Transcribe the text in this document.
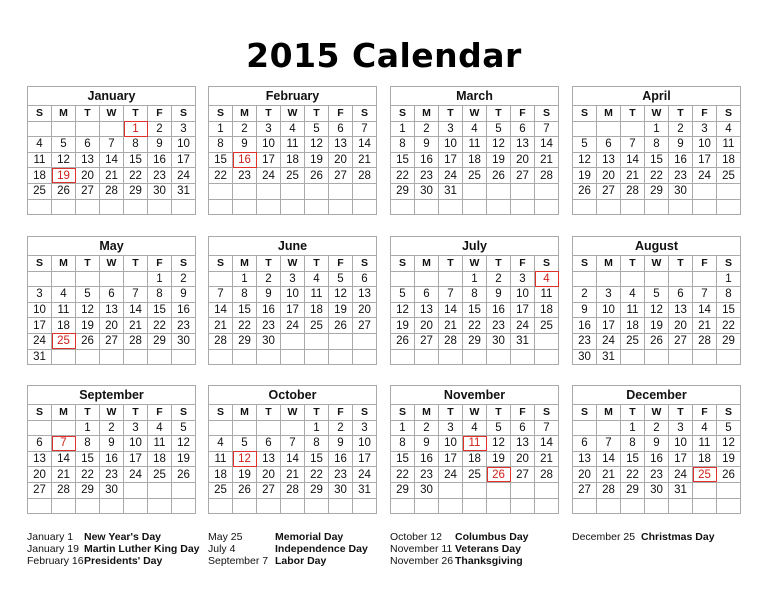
2015 Calendar
January
S	M	T	W	T	F	S
				1	2	3
4	5	6	7	8	9	10
11	12	13	14	15	16	17
18	19	20	21	22	23	24
25	26	27	28	29	30	31

February
S	M	T	W	T	F	S
1	2	3	4	5	6	7
8	9	10	11	12	13	14
15	16	17	18	19	20	21
22	23	24	25	26	27	28

March
S	M	T	W	T	F	S
1	2	3	4	5	6	7
8	9	10	11	12	13	14
15	16	17	18	19	20	21
22	23	24	25	26	27	28
29	30	31				

April
S	M	T	W	T	F	S
			1	2	3	4
5	6	7	8	9	10	11
12	13	14	15	16	17	18
19	20	21	22	23	24	25
26	27	28	29	30		

May
S	M	T	W	T	F	S
					1	2
3	4	5	6	7	8	9
10	11	12	13	14	15	16
17	18	19	20	21	22	23
24	25	26	27	28	29	30
31						
June
S	M	T	W	T	F	S
	1	2	3	4	5	6
7	8	9	10	11	12	13
14	15	16	17	18	19	20
21	22	23	24	25	26	27
28	29	30				

July
S	M	T	W	T	F	S
			1	2	3	4
5	6	7	8	9	10	11
12	13	14	15	16	17	18
19	20	21	22	23	24	25
26	27	28	29	30	31	

August
S	M	T	W	T	F	S
						1
2	3	4	5	6	7	8
9	10	11	12	13	14	15
16	17	18	19	20	21	22
23	24	25	26	27	28	29
30	31					
September
S	M	T	W	T	F	S
		1	2	3	4	5
6	7	8	9	10	11	12
13	14	15	16	17	18	19
20	21	22	23	24	25	26
27	28	29	30			

October
S	M	T	W	T	F	S
				1	2	3
4	5	6	7	8	9	10
11	12	13	14	15	16	17
18	19	20	21	22	23	24
25	26	27	28	29	30	31

November
S	M	T	W	T	F	S
1	2	3	4	5	6	7
8	9	10	11	12	13	14
15	16	17	18	19	20	21
22	23	24	25	26	27	28
29	30					

December
S	M	T	W	T	F	S
		1	2	3	4	5
6	7	8	9	10	11	12
13	14	15	16	17	18	19
20	21	22	23	24	25	26
27	28	29	30	31		

January 1 New Year's Day
January 19 Martin Luther King Day
February 16Presidents' Day
May 25	Memorial Day
July 4	Independence Day
September 7 Labor Day
October 12 Columbus Day
November 11 Veterans Day
November 26 Thanksgiving
December 25 Christmas Day
